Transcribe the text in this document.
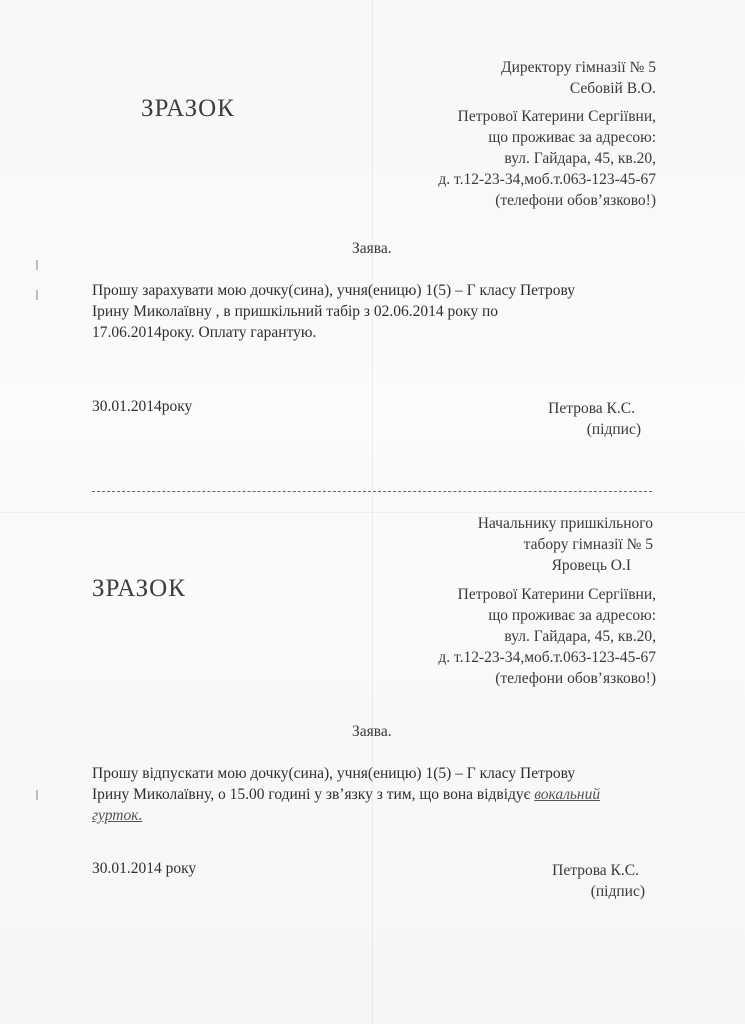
Директору гімназії № 5
Себовій В.О.
Петрової Катерини Сергіївни,
що проживає за адресою:
вул. Гайдара, 45, кв.20,
д. т.12-23-34,моб.т.063-123-45-67
(телефони обов’язково!)
ЗРАЗОК
Заява.
Прошу зарахувати мою дочку(сина), учня(еницю) 1(5) – Г класу Петрову
Ірину Миколаївну , в пришкільний табір з 02.06.2014 року по
17.06.2014року. Оплату гарантую.
30.01.2014року	Петрова К.С.
(підпис)
Начальнику пришкільного
табору гімназії № 5
Яровець О.І
Петрової Катерини Сергіївни,
що проживає за адресою:
вул. Гайдара, 45, кв.20,
д. т.12-23-34,моб.т.063-123-45-67
(телефони обов’язково!)
ЗРАЗОК
Заява.
Прошу відпускати мою дочку(сина), учня(еницю) 1(5) – Г класу Петрову
Ірину Миколаївну, о 15.00 годині у зв’язку з тим, що вона відвідує вокальний
гурток.
30.01.2014 року	Петрова К.С.
(підпис)
